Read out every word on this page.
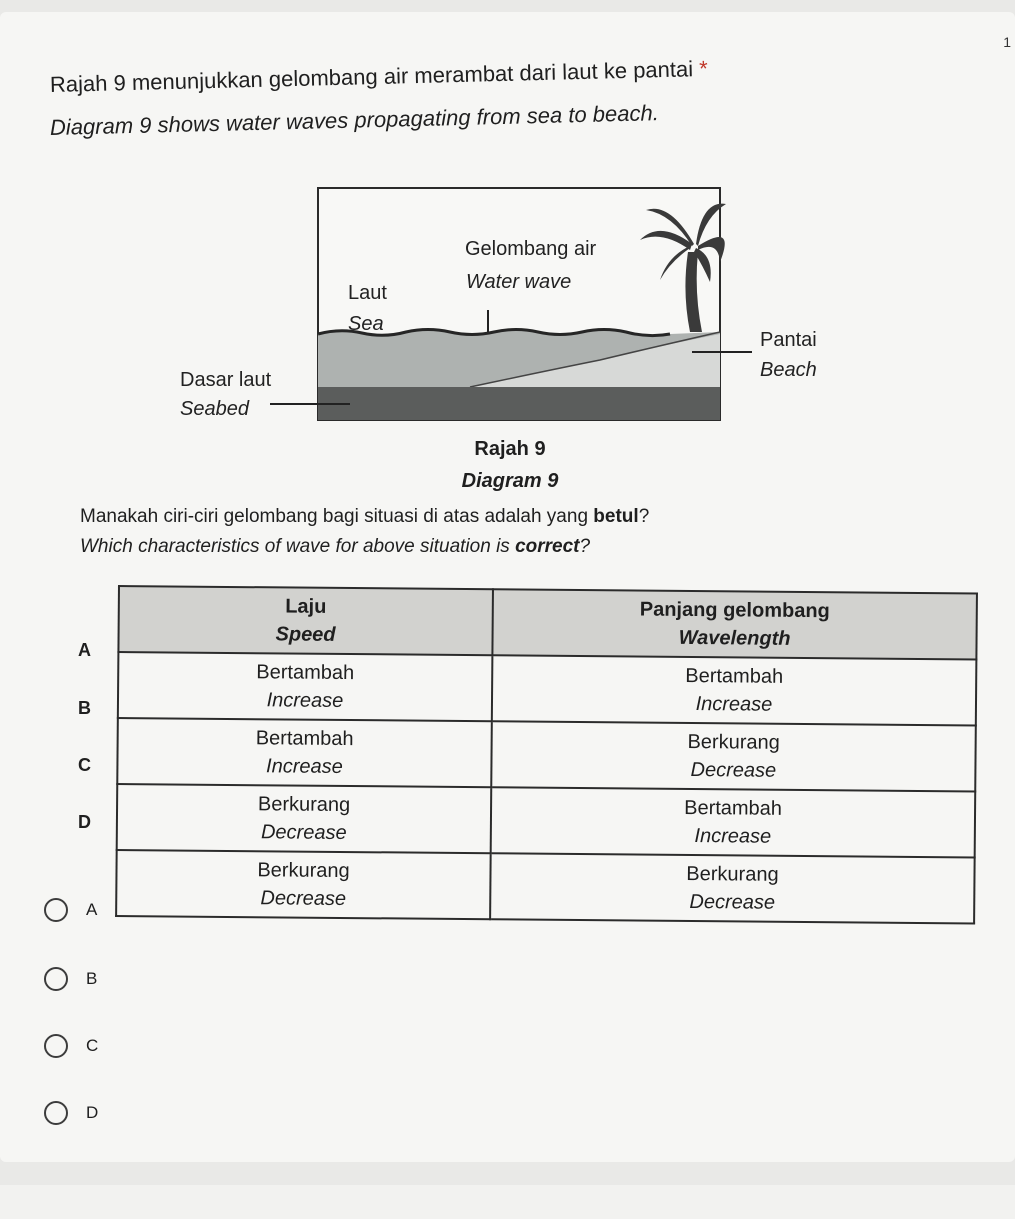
1
Rajah 9 menunjukkan gelombang air merambat dari laut ke pantai *
Diagram 9 shows water waves propagating from sea to beach.
Gelombang air
Water wave
Laut
Sea
Pantai
Beach
Dasar laut
Seabed
Rajah 9
Diagram 9
Manakah ciri-ciri gelombang bagi situasi di atas adalah yang betul?
Which characteristics of wave for above situation is correct?
Laju
Speed	Panjang gelombang
Wavelength

Bertambah
Increase	Bertambah
Increase

Bertambah
Increase	Berkurang
Decrease

Berkurang
Decrease	Bertambah
Increase

Berkurang
Decrease	Berkurang
Decrease
A
B
C
D
A
B
C
D
